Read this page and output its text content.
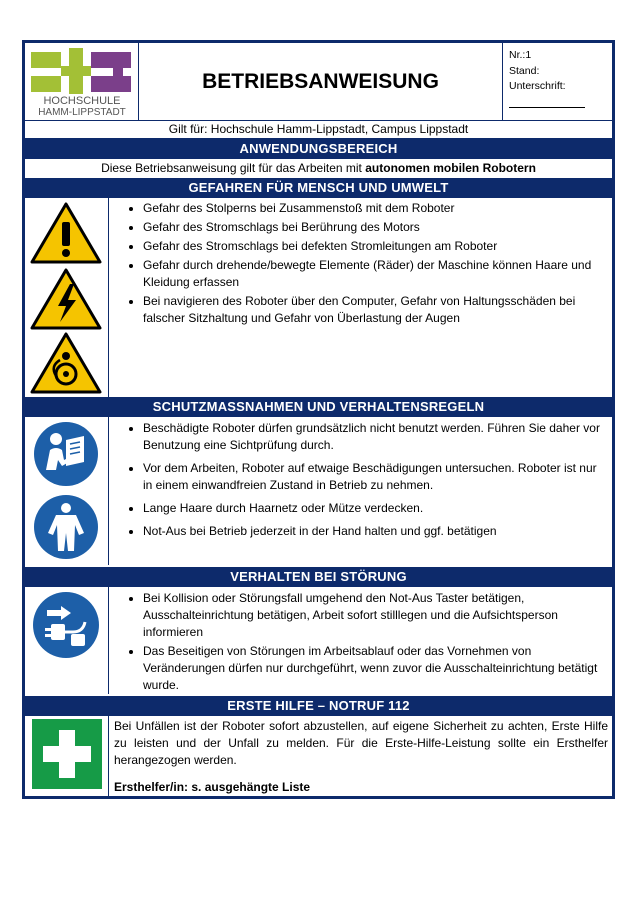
HOCHSCHULE
HAMM-LIPPSTADT
BETRIEBSANWEISUNG
Nr.:1
Stand:
Unterschrift:
Gilt für: Hochschule Hamm-Lippstadt, Campus Lippstadt
ANWENDUNGSBEREICH
Diese Betriebsanweisung gilt für das Arbeiten mit autonomen mobilen Robotern
GEFAHREN FÜR MENSCH UND UMWELT
• Gefahr des Stolperns bei Zusammenstoß mit dem Roboter
• Gefahr des Stromschlags bei Berührung des Motors
• Gefahr des Stromschlags bei defekten Stromleitungen am Roboter
• Gefahr durch drehende/bewegte Elemente (Räder) der Maschine können Haare und Kleidung erfassen
• Bei navigieren des Roboter über den Computer, Gefahr von Haltungsschäden bei falscher Sitzhaltung und Gefahr von Überlastung der Augen
SCHUTZMASSNAHMEN UND VERHALTENSREGELN
• Beschädigte Roboter dürfen grundsätzlich nicht benutzt werden. Führen Sie daher vor Benutzung eine Sichtprüfung durch.
• Vor dem Arbeiten, Roboter auf etwaige Beschädigungen untersuchen. Roboter ist nur in einem einwandfreien Zustand in Betrieb zu nehmen.
• Lange Haare durch Haarnetz oder Mütze verdecken.
• Not-Aus bei Betrieb jederzeit in der Hand halten und ggf. betätigen
VERHALTEN BEI STÖRUNG
• Bei Kollision oder Störungsfall umgehend den Not-Aus Taster betätigen, Ausschalteinrichtung betätigen, Arbeit sofort stilllegen und die Aufsichtsperson informieren
• Das Beseitigen von Störungen im Arbeitsablauf oder das Vornehmen von Veränderungen dürfen nur durchgeführt, wenn zuvor die Ausschalteinrichtung betätigt wurde.
ERSTE HILFE – NOTRUF 112
Bei Unfällen ist der Roboter sofort abzustellen, auf eigene Sicherheit zu achten, Erste Hilfe zu leisten und der Unfall zu melden. Für die Erste-Hilfe-Leistung sollte ein Ersthelfer herangezogen werden.
Ersthelfer/in: s. ausgehängte Liste
